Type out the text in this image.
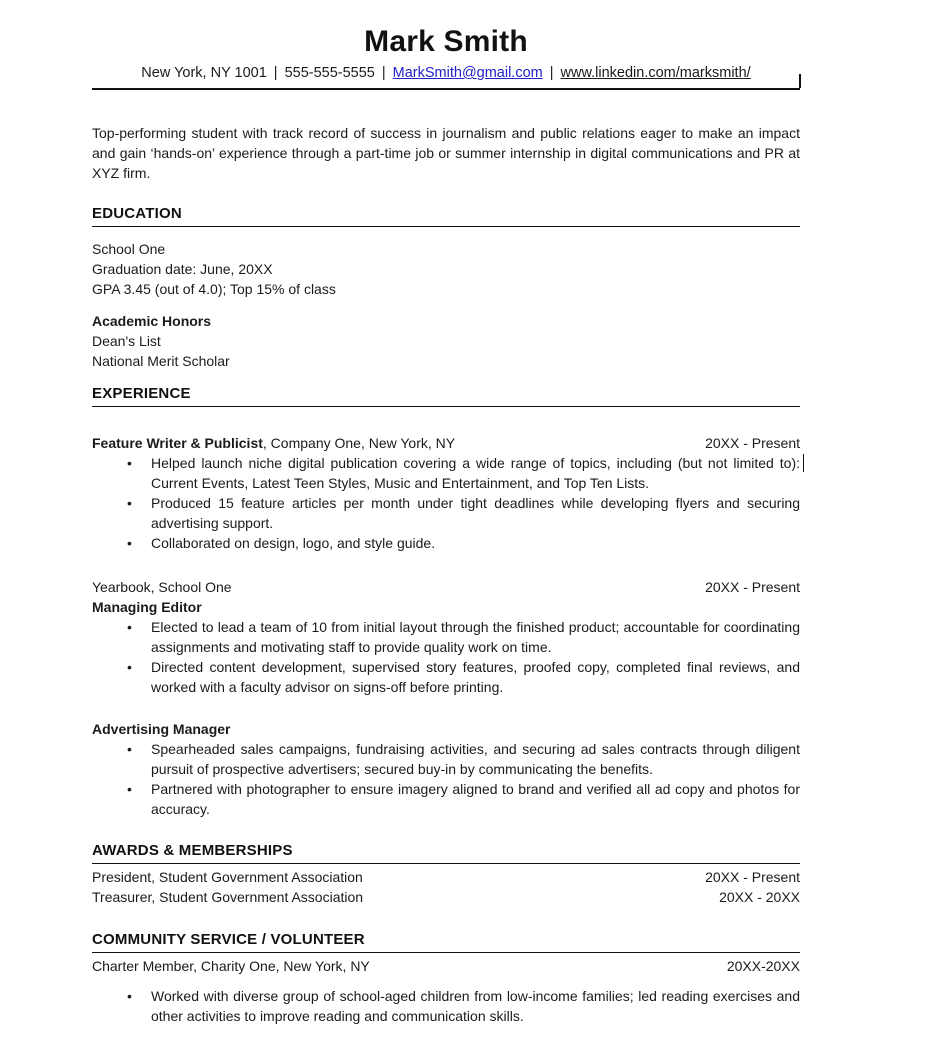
Mark Smith
New York, NY 1001 | 555-555-5555 | MarkSmith@gmail.com | www.linkedin.com/marksmith/
Top-performing student with track record of success in journalism and public relations eager to make an impact and gain ‘hands-on’ experience through a part-time job or summer internship in digital communications and PR at XYZ firm.
EDUCATION
School One
Graduation date: June, 20XX
GPA 3.45 (out of 4.0); Top 15% of class
Academic Honors
Dean's List
National Merit Scholar
EXPERIENCE
Feature Writer & Publicist, Company One, New York, NY	20XX - Present
•
Helped launch niche digital publication covering a wide range of topics, including (but not limited to): Current Events, Latest Teen Styles, Music and Entertainment, and Top Ten Lists.
•
Produced 15 feature articles per month under tight deadlines while developing flyers and securing advertising support.
•
Collaborated on design, logo, and style guide.
Yearbook, School One	20XX - Present
Managing Editor
•
Elected to lead a team of 10 from initial layout through the finished product; accountable for coordinating assignments and motivating staff to provide quality work on time.
•
Directed content development, supervised story features, proofed copy, completed final reviews, and worked with a faculty advisor on signs-off before printing.
Advertising Manager
•
Spearheaded sales campaigns, fundraising activities, and securing ad sales contracts through diligent pursuit of prospective advertisers; secured buy-in by communicating the benefits.
•
Partnered with photographer to ensure imagery aligned to brand and verified all ad copy and photos for accuracy.
AWARDS & MEMBERSHIPS
President, Student Government Association	20XX - Present
Treasurer, Student Government Association	20XX - 20XX
COMMUNITY SERVICE / VOLUNTEER
Charter Member, Charity One, New York, NY	20XX-20XX
•
Worked with diverse group of school-aged children from low-income families; led reading exercises and other activities to improve reading and communication skills.
